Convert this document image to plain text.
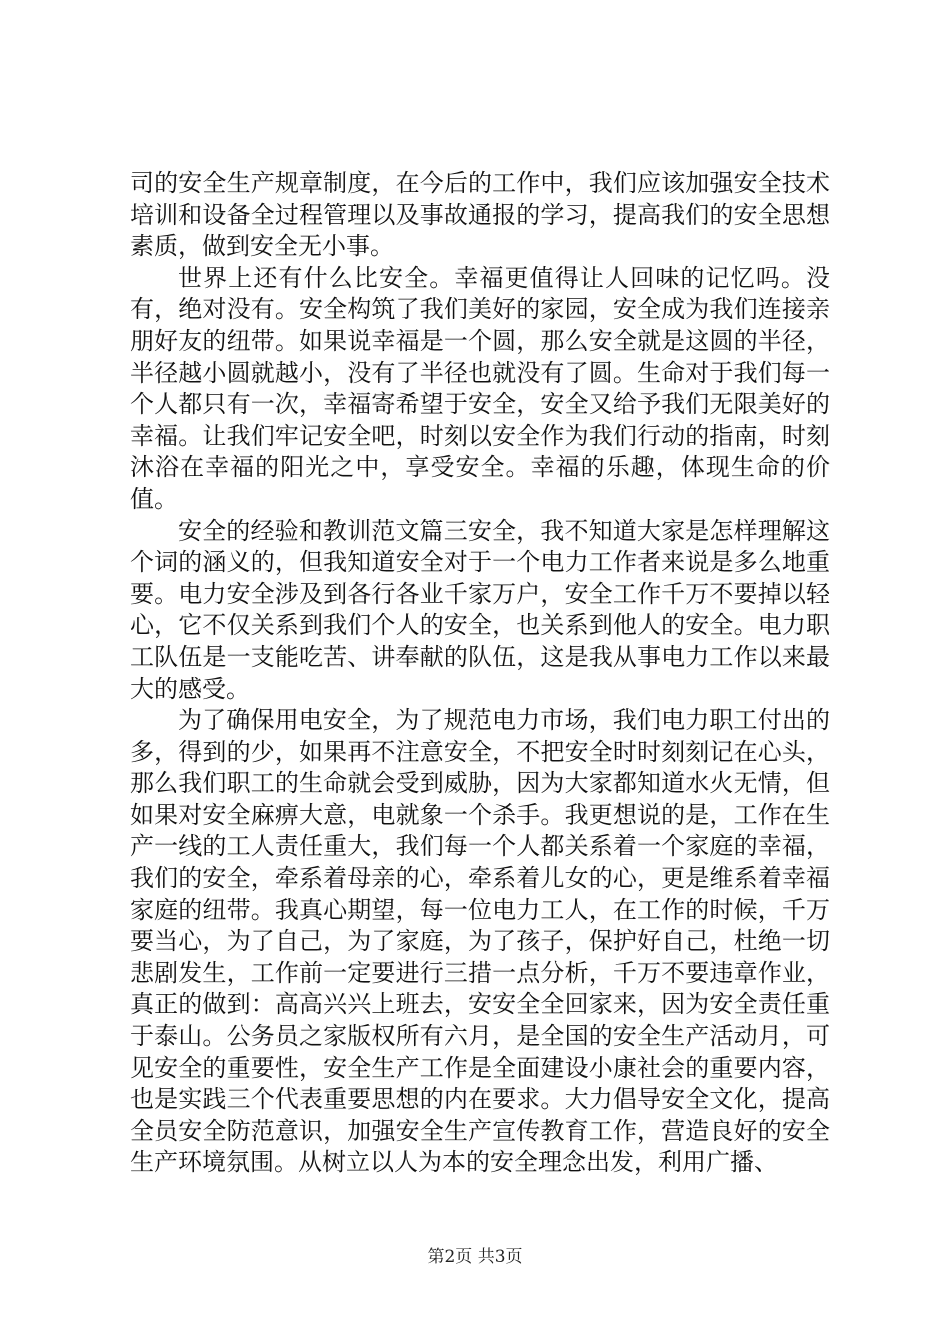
司的安全生产规章制度，在今后的工作中，我们应该加强安全技术培训和设备全过程管理以及事故通报的学习，提高我们的安全思想素质，做到安全无小事。

世界上还有什么比安全。幸福更值得让人回味的记忆吗。没有，绝对没有。安全构筑了我们美好的家园，安全成为我们连接亲朋好友的纽带。如果说幸福是一个圆，那么安全就是这圆的半径，半径越小圆就越小，没有了半径也就没有了圆。生命对于我们每一个人都只有一次，幸福寄希望于安全，安全又给予我们无限美好的幸福。让我们牢记安全吧，时刻以安全作为我们行动的指南，时刻沐浴在幸福的阳光之中，享受安全。幸福的乐趣，体现生命的价值。

安全的经验和教训范文篇三安全，我不知道大家是怎样理解这个词的涵义的，但我知道安全对于一个电力工作者来说是多么地重要。电力安全涉及到各行各业千家万户，安全工作千万不要掉以轻心，它不仅关系到我们个人的安全，也关系到他人的安全。电力职工队伍是一支能吃苦、讲奉献的队伍，这是我从事电力工作以来最大的感受。

为了确保用电安全，为了规范电力市场，我们电力职工付出的多，得到的少，如果再不注意安全，不把安全时时刻刻记在心头，那么我们职工的生命就会受到威胁，因为大家都知道水火无情，但如果对安全麻痹大意，电就象一个杀手。我更想说的是，工作在生产一线的工人责任重大，我们每一个人都关系着一个家庭的幸福，我们的安全，牵系着母亲的心，牵系着儿女的心，更是维系着幸福家庭的纽带。我真心期望，每一位电力工人，在工作的时候，千万要当心，为了自己，为了家庭，为了孩子，保护好自己，杜绝一切悲剧发生，工作前一定要进行三措一点分析，千万不要违章作业，真正的做到：高高兴兴上班去，安安全全回家来，因为安全责任重于泰山。公务员之家版权所有六月，是全国的安全生产活动月，可见安全的重要性，安全生产工作是全面建设小康社会的重要内容，也是实践三个代表重要思想的内在要求。大力倡导安全文化，提高全员安全防范意识，加强安全生产宣传教育工作，营造良好的安全生产环境氛围。从树立以人为本的安全理念出发，利用广播、

第2页 共3页
